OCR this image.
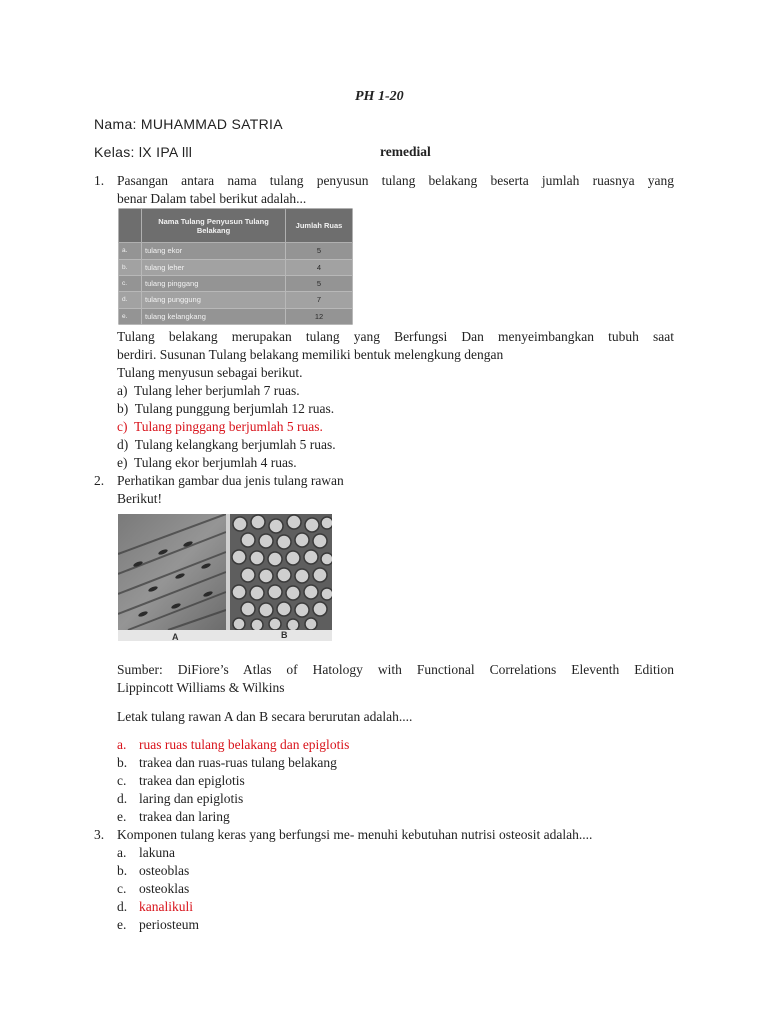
PH 1-20
Nama: MUHAMMAD SATRIA
Kelas: lX IPA lll	remedial
1. Pasangan antara nama tulang penyusun tulang belakang beserta jumlah ruasnya yang
benar Dalam tabel berikut adalah...
	Nama Tulang Penyusun Tulang Belakang	Jumlah Ruas
a.	tulang ekor	5
b.	tulang leher	4
c.	tulang pinggang	5
d.	tulang punggung	7
e.	tulang kelangkang	12
Tulang belakang merupakan tulang yang Berfungsi Dan menyeimbangkan tubuh saat
berdiri. Susunan Tulang belakang memiliki bentuk melengkung dengan
Tulang menyusun sebagai berikut.
a) Tulang leher berjumlah 7 ruas.
b) Tulang punggung berjumlah 12 ruas.
c) Tulang pinggang berjumlah 5 ruas.
d) Tulang kelangkang berjumlah 5 ruas.
e) Tulang ekor berjumlah 4 ruas.
2. Perhatikan gambar dua jenis tulang rawan
Berikut!
A	B
Sumber: DiFiore’s Atlas of Hatology with Functional Correlations Eleventh Edition
Lippincott Williams & Wilkins
Letak tulang rawan A dan B secara berurutan adalah....
a. ruas ruas tulang belakang dan epiglotis
b. trakea dan ruas-ruas tulang belakang
c. trakea dan epiglotis
d. laring dan epiglotis
e. trakea dan laring
3. Komponen tulang keras yang berfungsi me- menuhi kebutuhan nutrisi osteosit adalah....
a. lakuna
b. osteoblas
c. osteoklas
d. kanalikuli
e. periosteum
